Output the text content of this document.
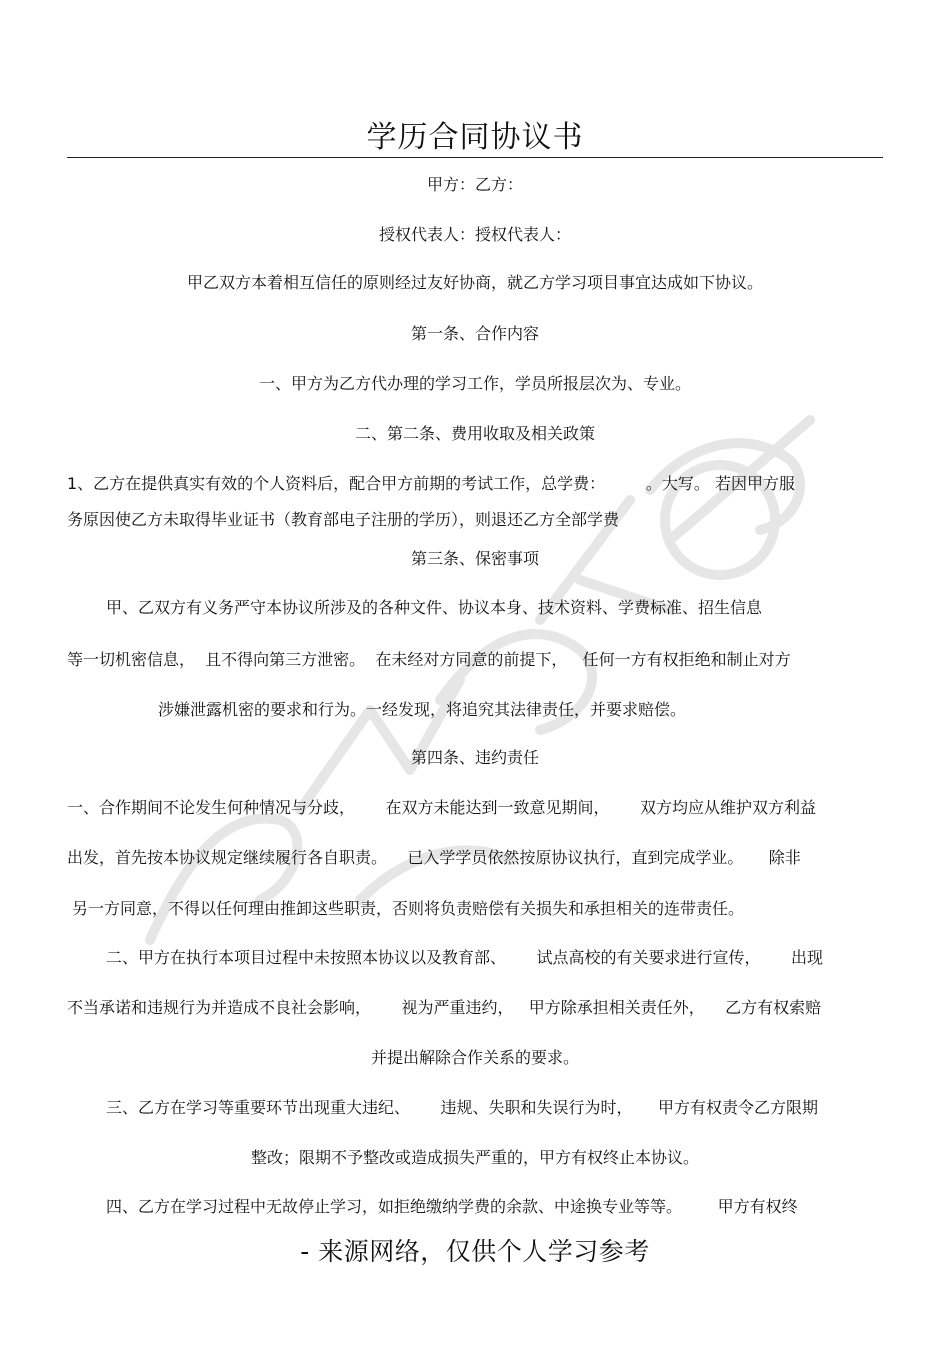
学历合同协议书
甲方：乙方：
授权代表人：授权代表人：
甲乙双方本着相互信任的原则经过友好协商，就乙方学习项目事宜达成如下协议。
第一条、合作内容
一、甲方为乙方代办理的学习工作，学员所报层次为、专业。
二、第二条、费用收取及相关政策
1、乙方在提供真实有效的个人资料后，配合甲方前期的考试工作，总学费：        。大写。 若因甲方服
务原因使乙方未取得毕业证书（教育部电子注册的学历），则退还乙方全部学费
第三条、保密事项
甲、乙双方有义务严守本协议所涉及的各种文件、协议本身、技术资料、学费标准、招生信息
等一切机密信息，  且不得向第三方泄密。  在未经对方同意的前提下，   任何一方有权拒绝和制止对方
涉嫌泄露机密的要求和行为。一经发现，将追究其法律责任，并要求赔偿。
第四条、违约责任
一、合作期间不论发生何种情况与分歧，      在双方未能达到一致意见期间，      双方均应从维护双方利益
出发，首先按本协议规定继续履行各自职责。    已入学学员依然按原协议执行，直到完成学业。     除非
另一方同意，不得以任何理由推卸这些职责，否则将负责赔偿有关损失和承担相关的连带责任。
二、甲方在执行本项目过程中未按照本协议以及教育部、      试点高校的有关要求进行宣传，      出现
不当承诺和违规行为并造成不良社会影响，      视为严重违约，   甲方除承担相关责任外，    乙方有权索赔
并提出解除合作关系的要求。
三、乙方在学习等重要环节出现重大违纪、      违规、失职和失误行为时，     甲方有权责令乙方限期
整改；限期不予整改或造成损失严重的，甲方有权终止本协议。
四、乙方在学习过程中无故停止学习，如拒绝缴纳学费的余款、中途换专业等等。       甲方有权终
- 来源网络，仅供个人学习参考
